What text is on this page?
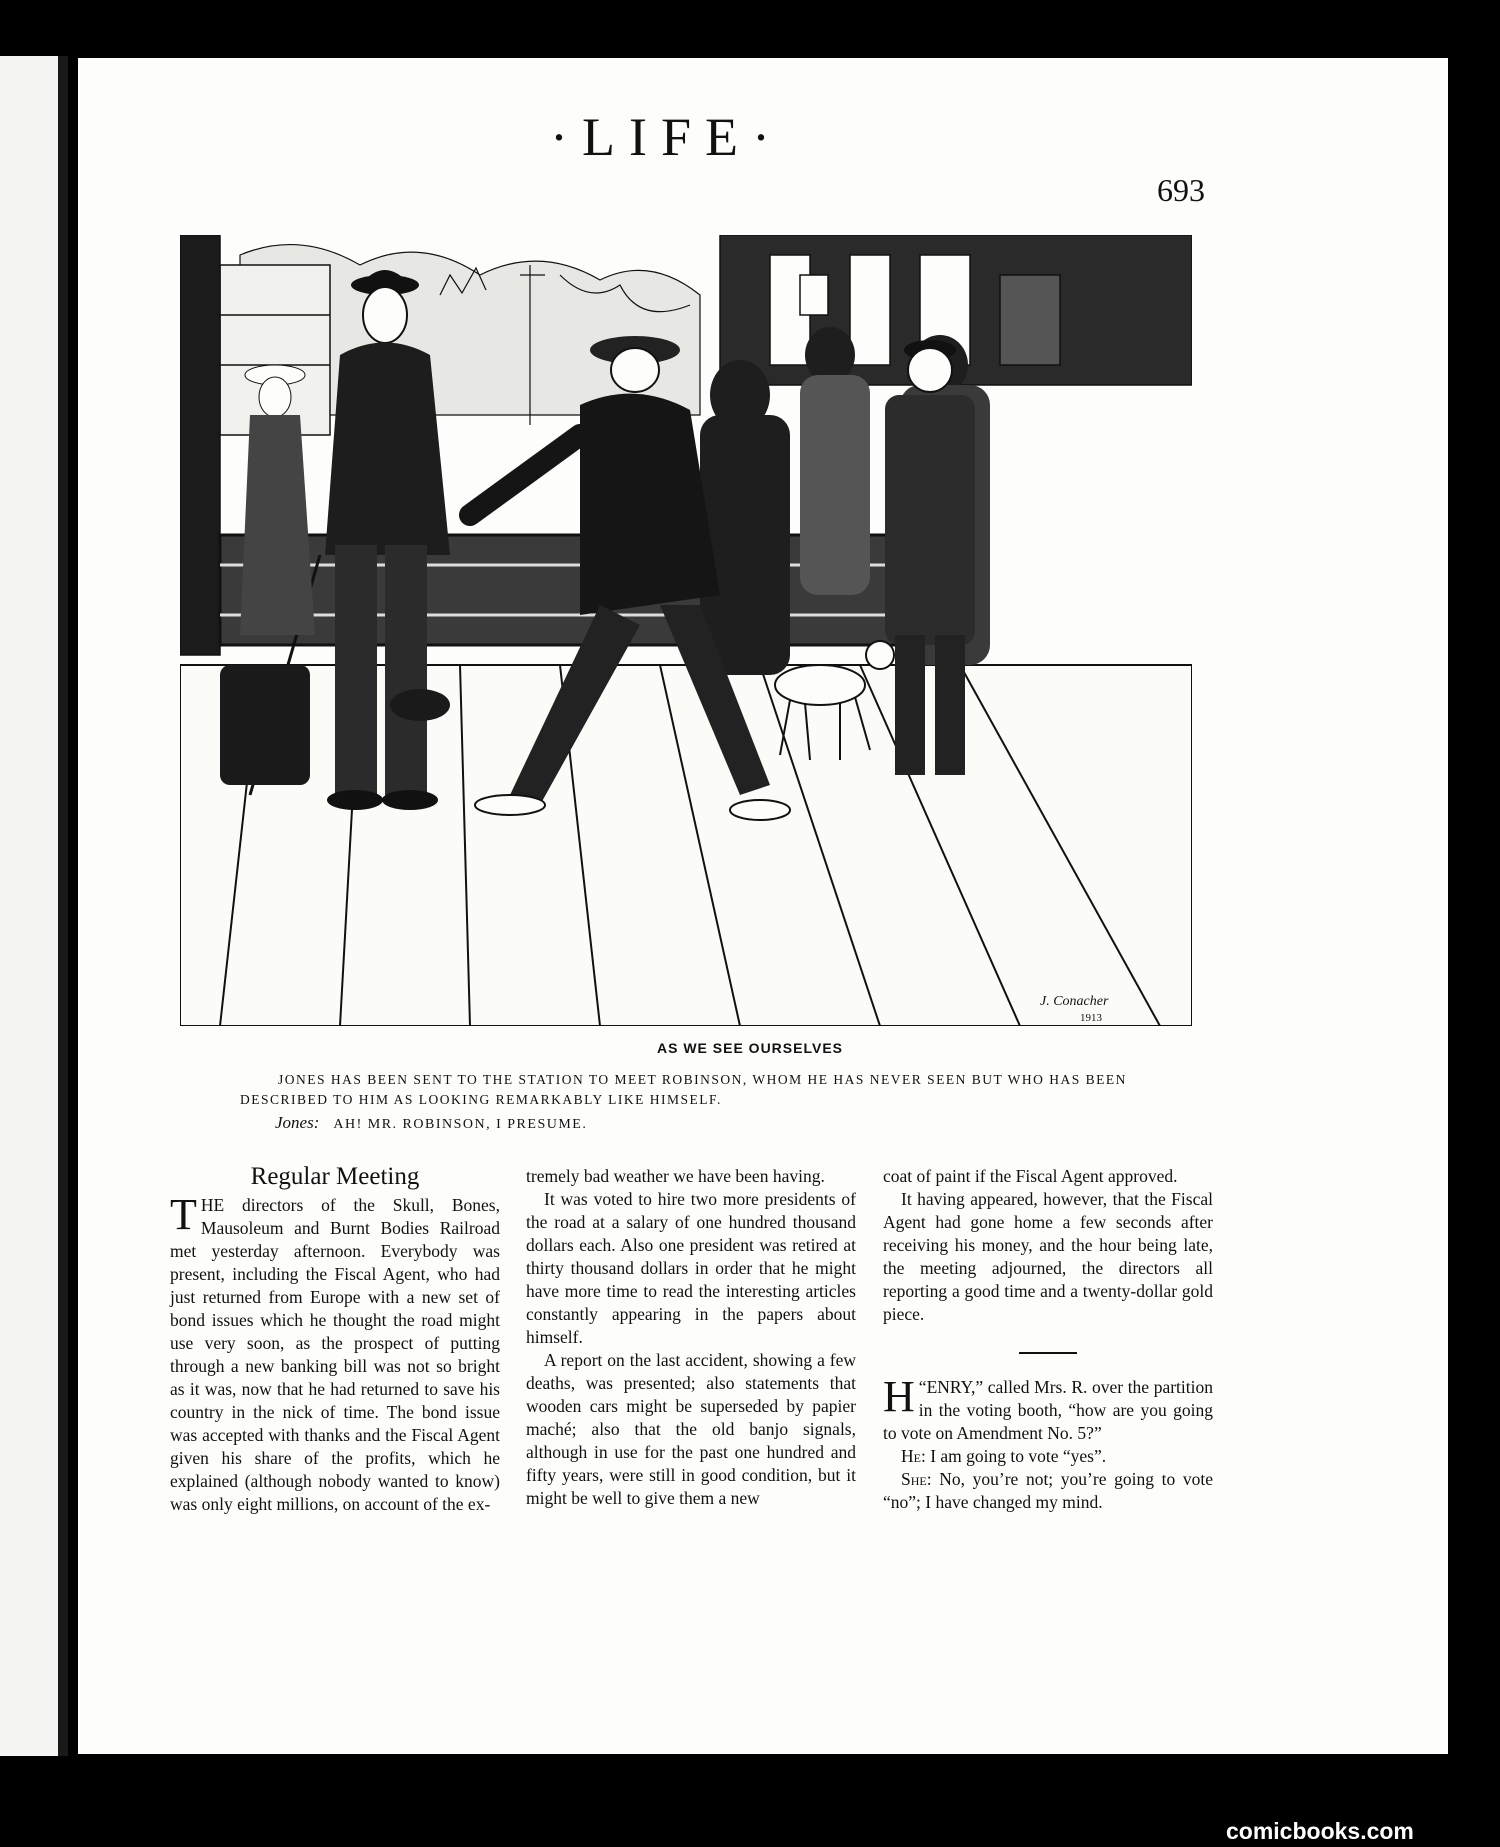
·LIFE·
693
J. Conacher
1913
AS WE SEE OURSELVES
JONES HAS BEEN SENT TO THE STATION TO MEET ROBINSON, WHOM HE HAS NEVER SEEN BUT WHO HAS BEEN DESCRIBED TO HIM AS LOOKING REMARKABLY LIKE HIMSELF.
Jones: AH! MR. ROBINSON, I PRESUME.
Regular Meeting

THE directors of the Skull, Bones, Mausoleum and Burnt Bodies Railroad met yesterday afternoon. Everybody was present, including the Fiscal Agent, who had just returned from Europe with a new set of bond issues which he thought the road might use very soon, as the prospect of putting through a new banking bill was not so bright as it was, now that he had returned to save his country in the nick of time. The bond issue was accepted with thanks and the Fiscal Agent given his share of the profits, which he explained (although nobody wanted to know) was only eight millions, on account of the ex-

tremely bad weather we have been having.

It was voted to hire two more presidents of the road at a salary of one hundred thousand dollars each. Also one president was retired at thirty thousand dollars in order that he might have more time to read the interesting articles constantly appearing in the papers about himself.

A report on the last accident, showing a few deaths, was presented; also statements that wooden cars might be superseded by papier maché; also that the old banjo signals, although in use for the past one hundred and fifty years, were still in good condition, but it might be well to give them a new

coat of paint if the Fiscal Agent approved.

It having appeared, however, that the Fiscal Agent had gone home a few seconds after receiving his money, and the hour being late, the meeting adjourned, the directors all reporting a good time and a twenty-dollar gold piece.

“
H ENRY,” called Mrs. R. over the partition in the voting booth, “how are you going to vote on Amendment No. 5?”

He: I am going to vote “yes”.

She: No, you’re not; you’re going to vote “no”; I have changed my mind.

comicbooks.com
